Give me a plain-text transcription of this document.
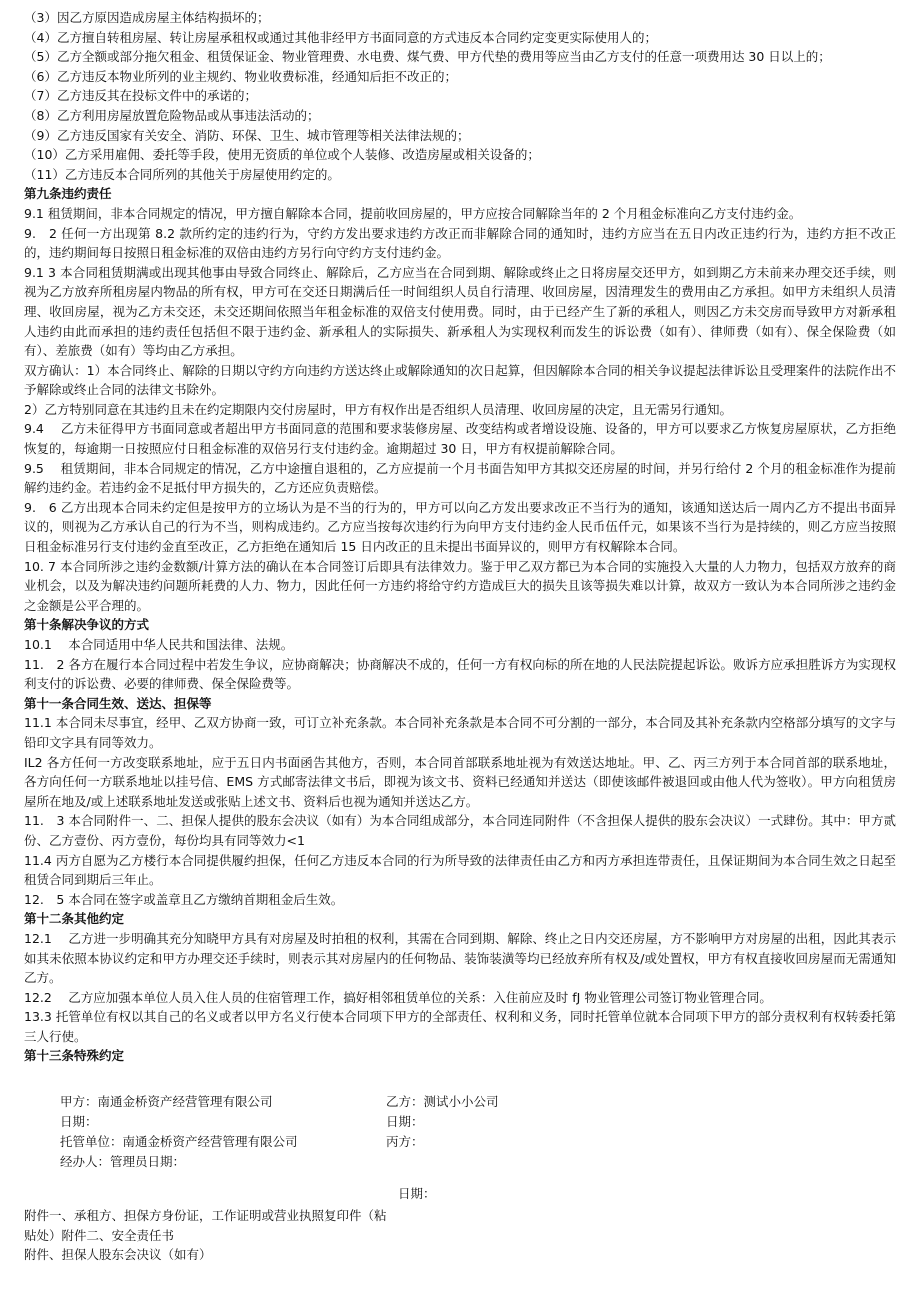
（3）因乙方原因造成房屋主体结构损坏的；

（4）乙方擅自转租房屋、转让房屋承租权或通过其他非经甲方书面同意的方式违反本合同约定变更实际使用人的；

（5）乙方全额或部分拖欠租金、租赁保证金、物业管理费、水电费、煤气费、甲方代垫的费用等应当由乙方支付的任意一项费用达 30 日以上的；

（6）乙方违反本物业所列的业主规约、物业收费标准，经通知后拒不改正的；

（7）乙方违反其在投标文件中的承诺的；

（8）乙方利用房屋放置危险物品或从事违法活动的；

（9）乙方违反国家有关安全、消防、环保、卫生、城市管理等相关法律法规的；

（10）乙方采用雇佣、委托等手段，使用无资质的单位或个人装修、改造房屋或相关设备的；

（11）乙方违反本合同所列的其他关于房屋使用约定的。

第九条违约责任

9.1 租赁期间，非本合同规定的情况，甲方擅自解除本合同，提前收回房屋的，甲方应按合同解除当年的 2 个月租金标准向乙方支付违约金。

9.　2 任何一方出现第 8.2 款所约定的违约行为，守约方发出要求违约方改正而非解除合同的通知时，违约方应当在五日内改正违约行为，违约方拒不改正的，违约期间每日按照日租金标准的双倍由违约方另行向守约方支付违约金。

9.1 3 本合同租赁期满或出现其他事由导致合同终止、解除后，乙方应当在合同到期、解除或终止之日将房屋交还甲方，如到期乙方未前来办理交还手续，则视为乙方放弃所租房屋内物品的所有权，甲方可在交还日期满后任一时间组织人员自行清理、收回房屋，因清理发生的费用由乙方承担。如甲方未组织人员清理、收回房屋，视为乙方未交还，未交还期间依照当年租金标准的双倍支付使用费。同时，由于已经产生了新的承租人，则因乙方未交房而导致甲方对新承租人违约由此而承担的违约责任包括但不限于违约金、新承租人的实际损失、新承租人为实现权利而发生的诉讼费（如有）、律师费（如有）、保全保险费（如有）、差旅费（如有）等均由乙方承担。

双方确认：1）本合同终止、解除的日期以守约方向违约方送达终止或解除通知的次日起算，但因解除本合同的相关争议提起法律诉讼且受理案件的法院作出不予解除或终止合同的法律文书除外。

2）乙方特别同意在其违约且未在约定期限内交付房屋时，甲方有权作出是否组织人员清理、收回房屋的决定，且无需另行通知。

9.4　 乙方未征得甲方书面同意或者超出甲方书面同意的范围和要求装修房屋、改变结构或者增设设施、设备的，甲方可以要求乙方恢复房屋原状，乙方拒绝恢复的，每逾期一日按照应付日租金标准的双倍另行支付违约金。逾期超过 30 日，甲方有权提前解除合同。

9.5　 租赁期间，非本合同规定的情况，乙方中途擅自退租的，乙方应提前一个月书面告知甲方其拟交还房屋的时间，并另行给付 2 个月的租金标准作为提前解约违约金。若违约金不足抵付甲方损失的，乙方还应负责赔偿。

9.　6 乙方出现本合同未约定但是按甲方的立场认为是不当的行为的，甲方可以向乙方发出要求改正不当行为的通知，该通知送达后一周内乙方不提出书面异议的，则视为乙方承认自己的行为不当，则构成违约。乙方应当按每次违约行为向甲方支付违约金人民币伍仟元，如果该不当行为是持续的，则乙方应当按照日租金标准另行支付违约金直至改正，乙方拒绝在通知后 15 日内改正的且未提出书面异议的，则甲方有权解除本合同。

10. 7 本合同所涉之违约金数额/计算方法的确认在本合同签订后即具有法律效力。鉴于甲乙双方都已为本合同的实施投入大量的人力物力，包括双方放弃的商业机会，以及为解决违约问题所耗费的人力、物力，因此任何一方违约将给守约方造成巨大的损失且该等损失难以计算，故双方一致认为本合同所涉之违约金之金额是公平合理的。

第十条解决争议的方式

10.1　 本合同适用中华人民共和国法律、法规。

11.　2 各方在履行本合同过程中若发生争议，应协商解决；协商解决不成的，任何一方有权向标的所在地的人民法院提起诉讼。败诉方应承担胜诉方为实现权利支付的诉讼费、必要的律师费、保全保险费等。

第十一条合同生效、送达、担保等

11.1 本合同未尽事宜，经甲、乙双方协商一致，可订立补充条款。本合同补充条款是本合同不可分割的一部分，本合同及其补充条款内空格部分填写的文字与铅印文字具有同等效力。

IL2 各方任何一方改变联系地址，应于五日内书面函告其他方，否则，本合同首部联系地址视为有效送达地址。甲、乙、丙三方列于本合同首部的联系地址，各方向任何一方联系地址以挂号信、EMS 方式邮寄法律文书后，即视为该文书、资料已经通知并送达（即使该邮件被退回或由他人代为签收）。甲方向租赁房屋所在地及/或上述联系地址发送或张贴上述文书、资料后也视为通知并送达乙方。

11.　3 本合同附件一、二、担保人提供的股东会决议（如有）为本合同组成部分，本合同连同附件（不含担保人提供的股东会决议）一式肆份。其中：甲方贰份、乙方壹份、丙方壹份，每份均具有同等效力<1

11.4 丙方自愿为乙方楼行本合同提供履约担保，任何乙方违反本合同的行为所导致的法律责任由乙方和丙方承担连带责任，且保证期间为本合同生效之日起至租赁合同到期后三年止。

12.　5 本合同在签字或盖章且乙方缴纳首期租金后生效。

第十二条其他约定

12.1　 乙方进一步明确其充分知晓甲方具有对房屋及时拍租的权利，其需在合同到期、解除、终止之日内交还房屋，方不影响甲方对房屋的出租，因此其表示如其未依照本协议约定和甲方办理交还手续时，则表示其对房屋内的任何物品、装饰装潢等均已经放弃所有权及/或处置权，甲方有权直接收回房屋而无需通知乙方。

12.2　 乙方应加强本单位人员入住人员的住宿管理工作，搞好相邻租赁单位的关系：入住前应及时 fJ 物业管理公司签订物业管理合同。

13.3 托管单位有权以其自己的名义或者以甲方名义行使本合同项下甲方的全部责任、权利和义务，同时托管单位就本合同项下甲方的部分责权利有权转委托第三人行使。

第十三条特殊约定

甲方：南通金桥资产经营管理有限公司	乙方：测试小小公司
日期：	日期：
托管单位：南通金桥资产经营管理有限公司	丙方：
经办人：管理员日期：
日期：

附件一、承租方、担保方身份证，工作证明或营业执照复印件（粘贴处）附件二、安全责任书

附件、担保人股东会决议（如有）
